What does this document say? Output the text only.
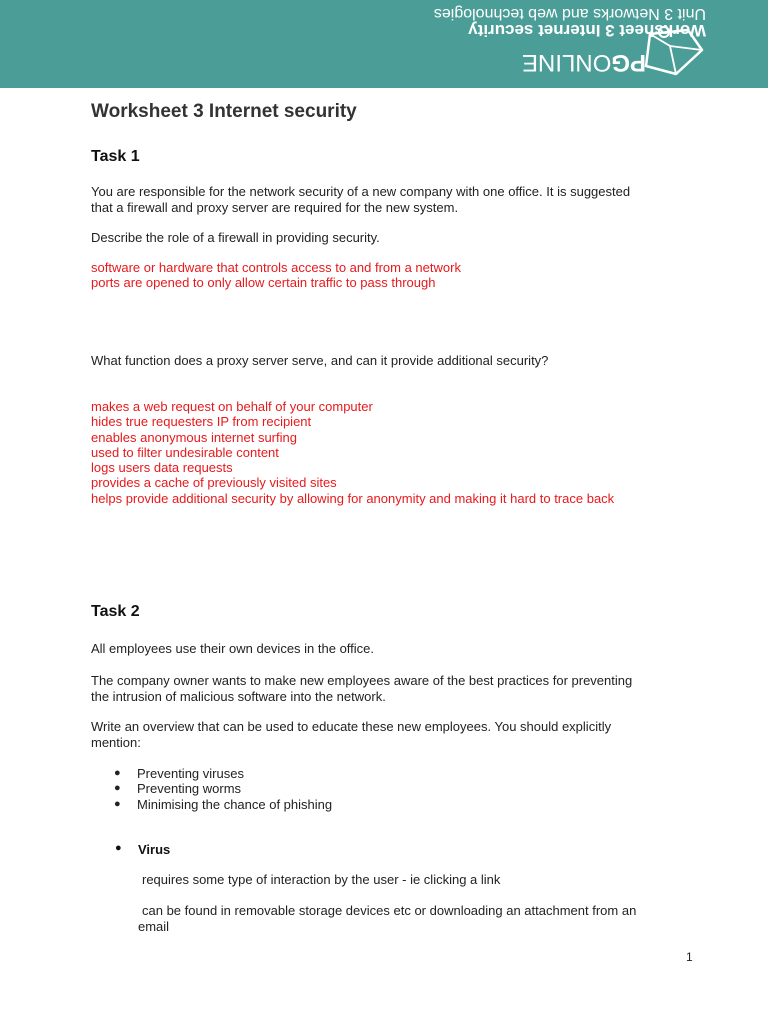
PGONLINE
Worksheet 3 Internet security
Unit 3 Networks and web technologies
Worksheet 3 Internet security
Task 1
You are responsible for the network security of a new company with one office. It is suggested
that a firewall and proxy server are required for the new system.
Describe the role of a firewall in providing security.
software or hardware that controls access to and from a network
ports are opened to only allow certain traffic to pass through
What function does a proxy server serve, and can it provide additional security?
makes a web request on behalf of your computer
hides true requesters IP from recipient
enables anonymous internet surfing
used to filter undesirable content
logs users data requests
provides a cache of previously visited sites
helps provide additional security by allowing for anonymity and making it hard to trace back
Task 2
All employees use their own devices in the office.
The company owner wants to make new employees aware of the best practices for preventing
the intrusion of malicious software into the network.
Write an overview that can be used to educate these new employees. You should explicitly
mention:
● Preventing viruses
● Preventing worms
● Minimising the chance of phishing
● Virus
requires some type of interaction by the user - ie clicking a link
can be found in removable storage devices etc or downloading an attachment from an
email
1
